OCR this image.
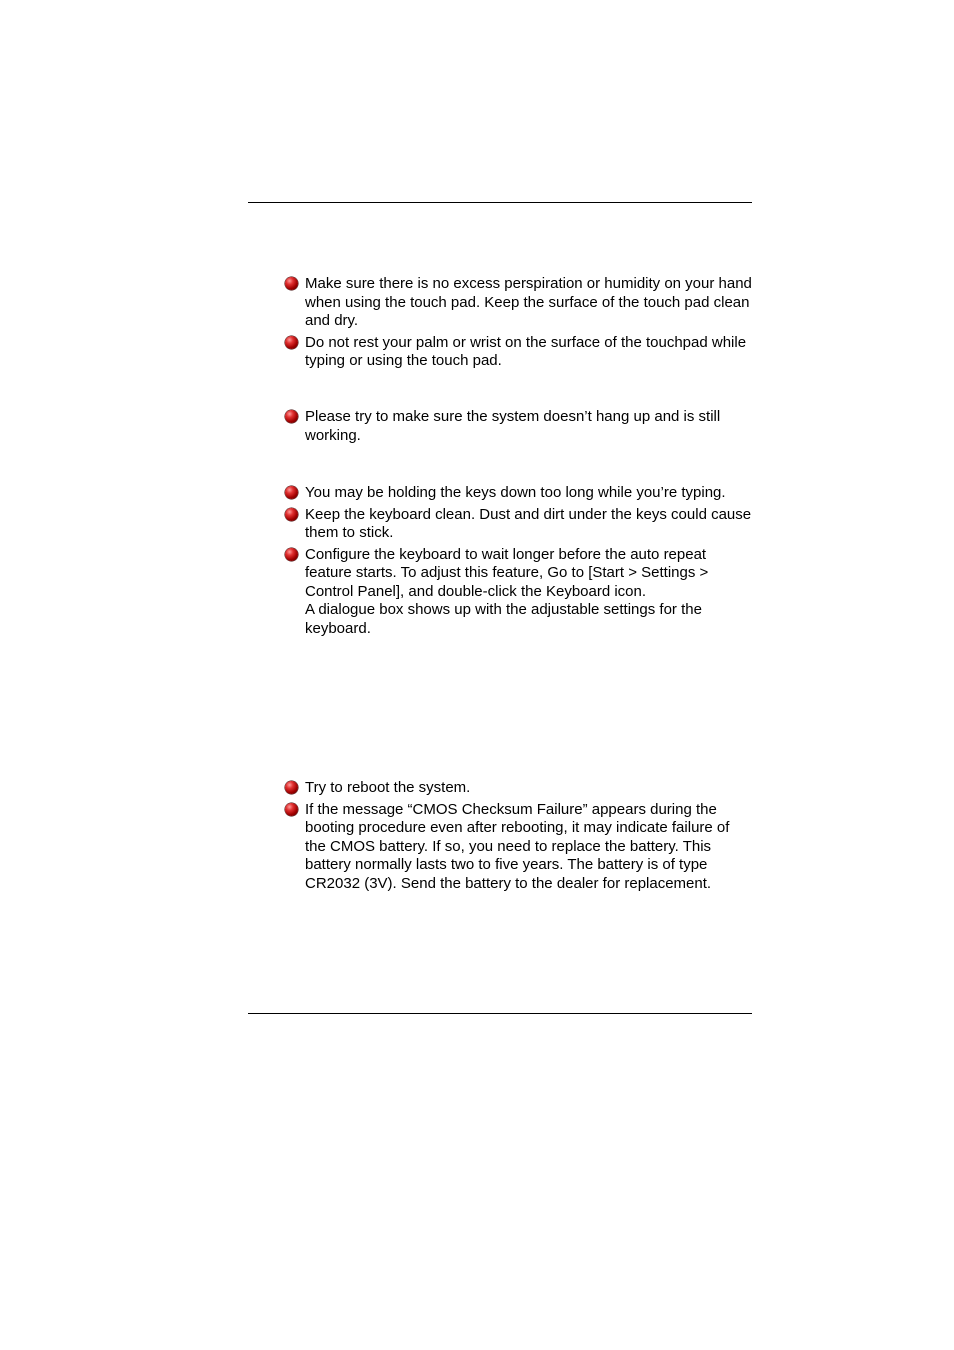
Make sure there is no excess perspiration or humidity on your hand when using the touch pad. Keep the surface of the touch pad clean and dry.
Do not rest your palm or wrist on the surface of the touchpad while typing or using the touch pad.
Please try to make sure the system doesn’t hang up and is still working.
You may be holding the keys down too long while you’re typing.
Keep the keyboard clean. Dust and dirt under the keys could cause them to stick.
Configure the keyboard to wait longer before the auto repeat feature starts. To adjust this feature, Go to [Start > Settings > Control Panel], and double-click the Keyboard icon.
A dialogue box shows up with the adjustable settings for the keyboard.
Try to reboot the system.
If the message “CMOS Checksum Failure” appears during the booting procedure even after rebooting, it may indicate failure of the CMOS battery. If so, you need to replace the battery. This battery normally lasts two to five years. The battery is of type CR2032 (3V). Send the battery to the dealer for replacement.
